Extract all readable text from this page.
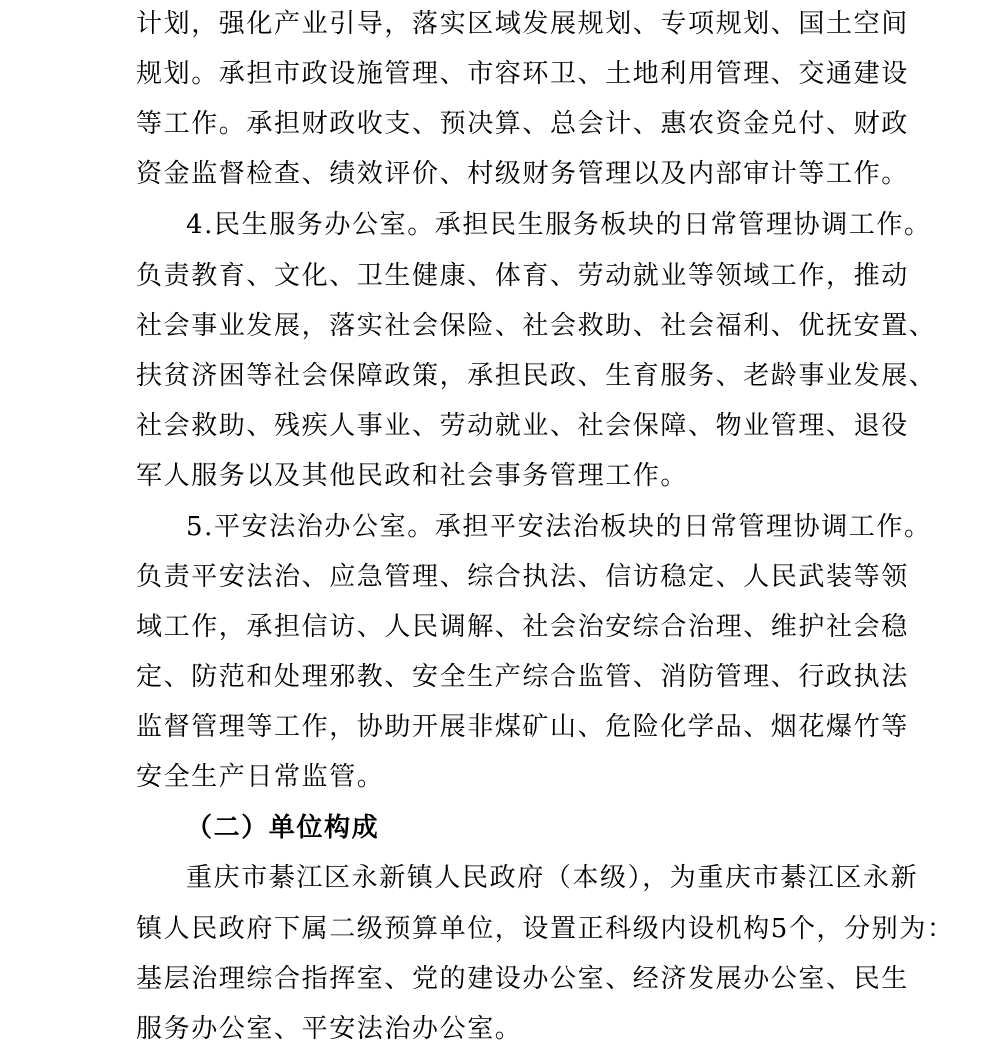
计划，强化产业引导，落实区域发展规划、专项规划、国土空间
规划。承担市政设施管理、市容环卫、土地利用管理、交通建设
等工作。承担财政收支、预决算、总会计、惠农资金兑付、财政
资金监督检查、绩效评价、村级财务管理以及内部审计等工作。
4.民生服务办公室。承担民生服务板块的日常管理协调工作。
负责教育、文化、卫生健康、体育、劳动就业等领域工作，推动
社会事业发展，落实社会保险、社会救助、社会福利、优抚安置、
扶贫济困等社会保障政策，承担民政、生育服务、老龄事业发展、
社会救助、残疾人事业、劳动就业、社会保障、物业管理、退役
军人服务以及其他民政和社会事务管理工作。
5.平安法治办公室。承担平安法治板块的日常管理协调工作。
负责平安法治、应急管理、综合执法、信访稳定、人民武装等领
域工作，承担信访、人民调解、社会治安综合治理、维护社会稳
定、防范和处理邪教、安全生产综合监管、消防管理、行政执法
监督管理等工作，协助开展非煤矿山、危险化学品、烟花爆竹等
安全生产日常监管。
（二）单位构成
重庆市綦江区永新镇人民政府（本级），为重庆市綦江区永新
镇人民政府下属二级预算单位，设置正科级内设机构5个，分别为：
基层治理综合指挥室、党的建设办公室、经济发展办公室、民生
服务办公室、平安法治办公室。
